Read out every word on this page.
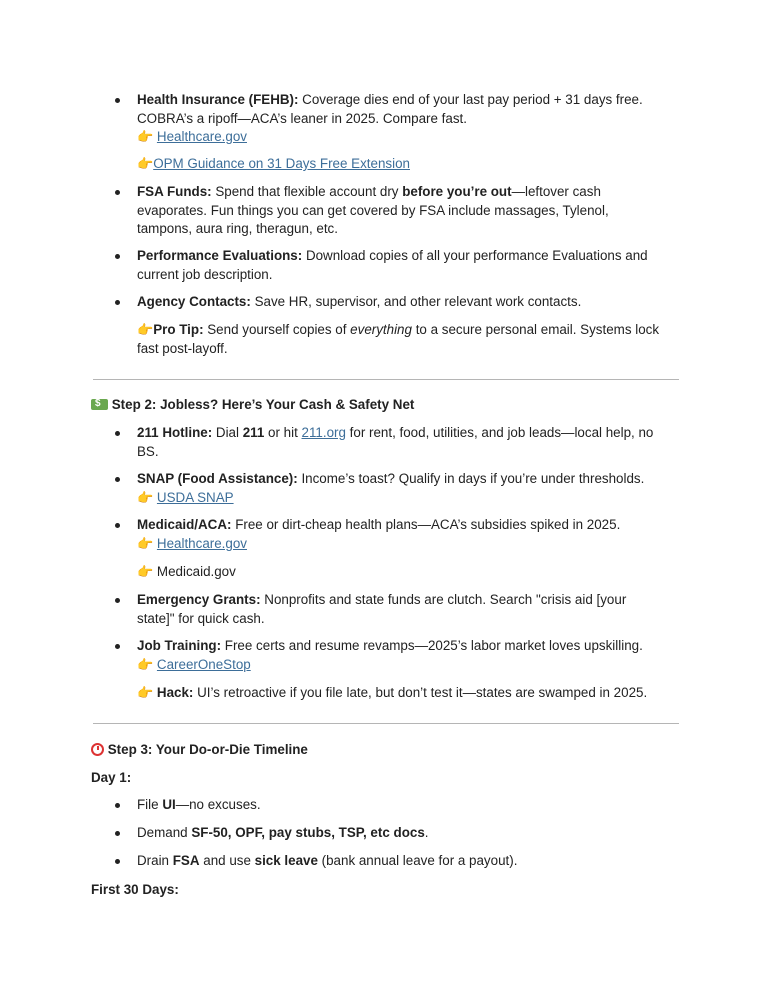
Health Insurance (FEHB): Coverage dies end of your last pay period + 31 days free.
COBRA’s a ripoff—ACA’s leaner in 2025. Compare fast.
👉 Healthcare.gov
👉OPM Guidance on 31 Days Free Extension
FSA Funds: Spend that flexible account dry before you’re out—leftover cash
evaporates. Fun things you can get covered by FSA include massages, Tylenol,
tampons, aura ring, theragun, etc.
Performance Evaluations: Download copies of all your performance Evaluations and
current job description.
Agency Contacts: Save HR, supervisor, and other relevant work contacts.
👉Pro Tip: Send yourself copies of everything to a secure personal email. Systems lock
fast post-layoff.
$ Step 2: Jobless? Here’s Your Cash & Safety Net
211 Hotline: Dial 211 or hit 211.org for rent, food, utilities, and job leads—local help, no
BS.
SNAP (Food Assistance): Income’s toast? Qualify in days if you’re under thresholds.
👉 USDA SNAP
Medicaid/ACA: Free or dirt-cheap health plans—ACA’s subsidies spiked in 2025.
👉 Healthcare.gov
👉 Medicaid.gov
Emergency Grants: Nonprofits and state funds are clutch. Search "crisis aid [your
state]" for quick cash.
Job Training: Free certs and resume revamps—2025’s labor market loves upskilling.
👉 CareerOneStop
👉 Hack: UI’s retroactive if you file late, but don’t test it—states are swamped in 2025.
Step 3: Your Do-or-Die Timeline
Day 1:
File UI—no excuses.
Demand SF-50, OPF, pay stubs, TSP, etc docs.
Drain FSA and use sick leave (bank annual leave for a payout).
First 30 Days:
